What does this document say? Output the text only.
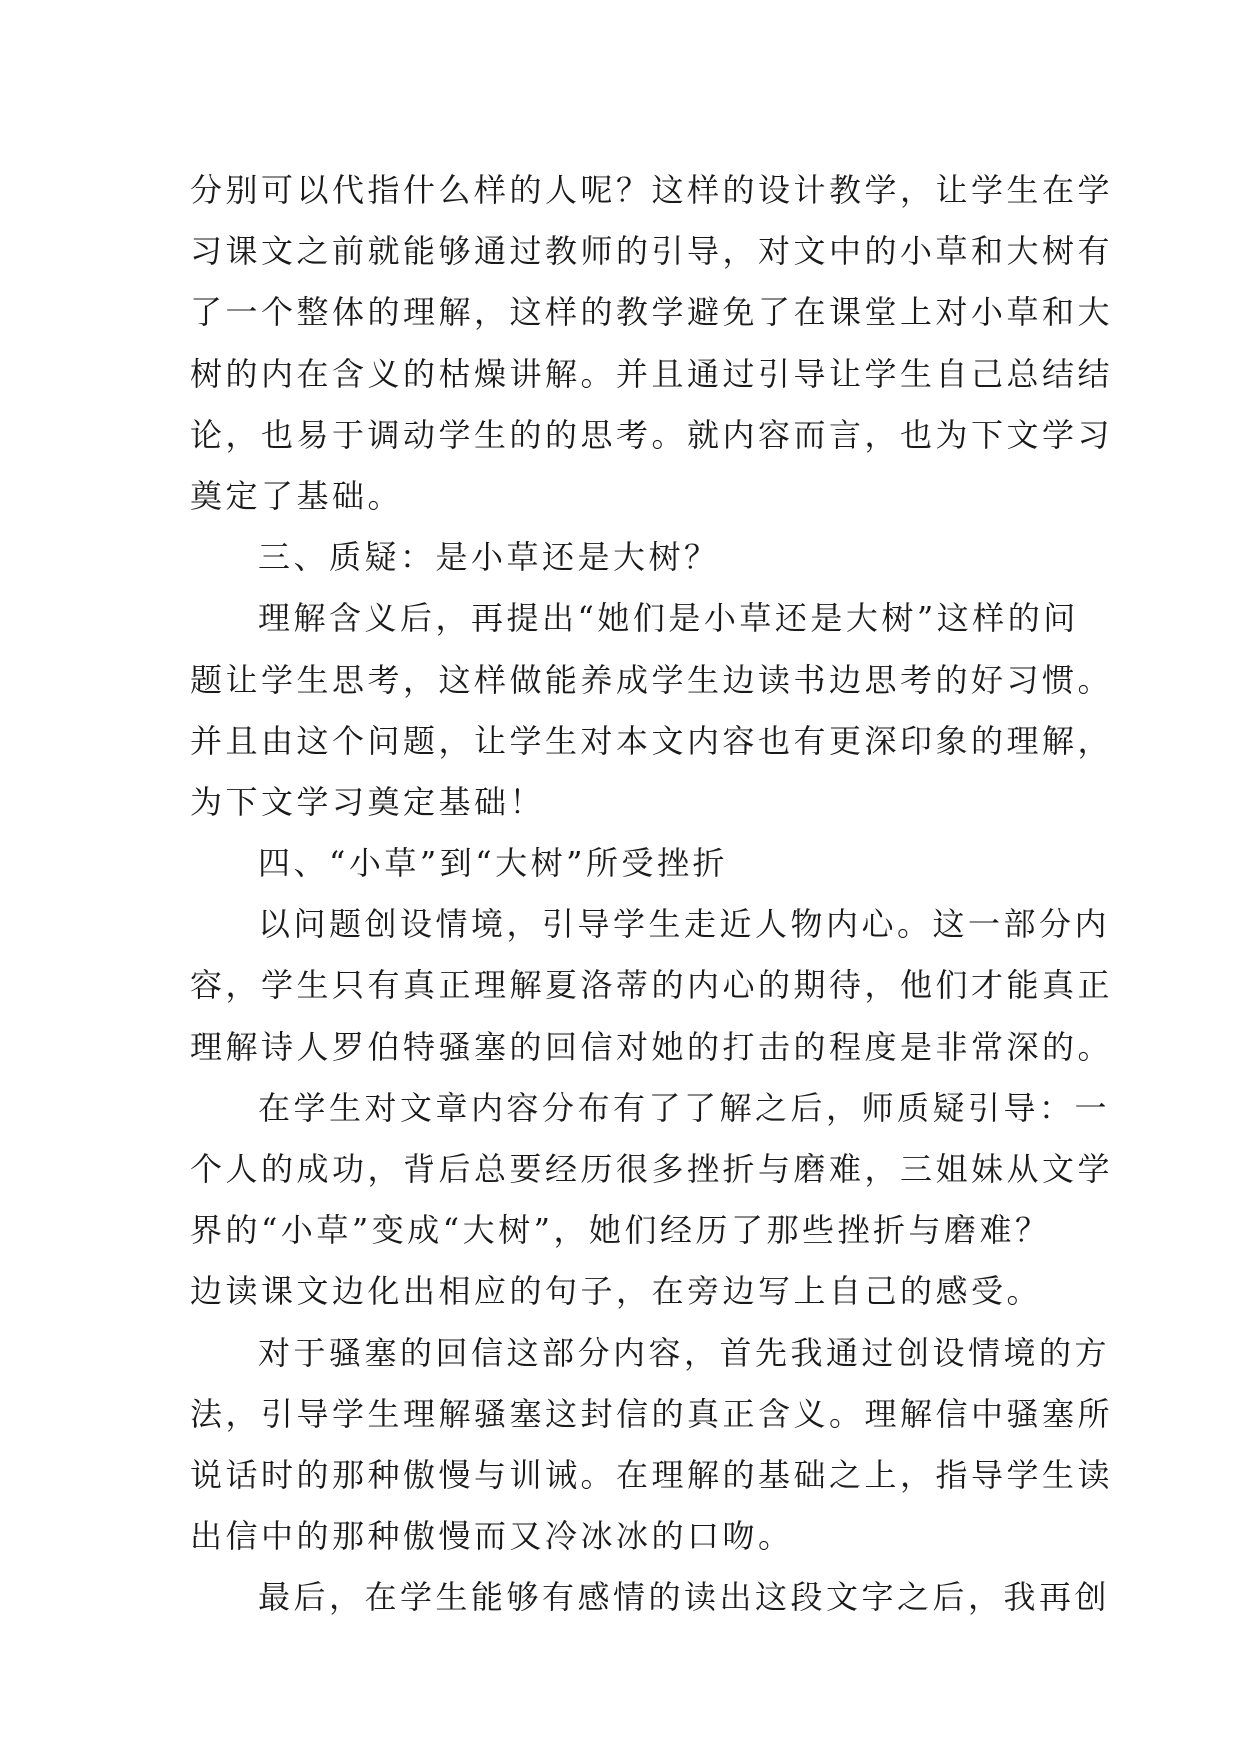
分别可以代指什么样的人呢？这样的设计教学，让学生在学
习课文之前就能够通过教师的引导，对文中的小草和大树有
了一个整体的理解，这样的教学避免了在课堂上对小草和大
树的内在含义的枯燥讲解。并且通过引导让学生自己总结结
论，也易于调动学生的的思考。就内容而言，也为下文学习
奠定了基础。
三、质疑：是小草还是大树？
理解含义后，再提出“她们是小草还是大树”这样的问
题让学生思考，这样做能养成学生边读书边思考的好习惯。
并且由这个问题，让学生对本文内容也有更深印象的理解，
为下文学习奠定基础！
四、“小草”到“大树”所受挫折
以问题创设情境，引导学生走近人物内心。这一部分内
容，学生只有真正理解夏洛蒂的内心的期待，他们才能真正
理解诗人罗伯特骚塞的回信对她的打击的程度是非常深的。
在学生对文章内容分布有了了解之后，师质疑引导：一
个人的成功，背后总要经历很多挫折与磨难，三姐妹从文学
界的“小草”变成“大树”，她们经历了那些挫折与磨难？
边读课文边化出相应的句子，在旁边写上自己的感受。
对于骚塞的回信这部分内容，首先我通过创设情境的方
法，引导学生理解骚塞这封信的真正含义。理解信中骚塞所
说话时的那种傲慢与训诫。在理解的基础之上，指导学生读
出信中的那种傲慢而又冷冰冰的口吻。
最后，在学生能够有感情的读出这段文字之后，我再创
